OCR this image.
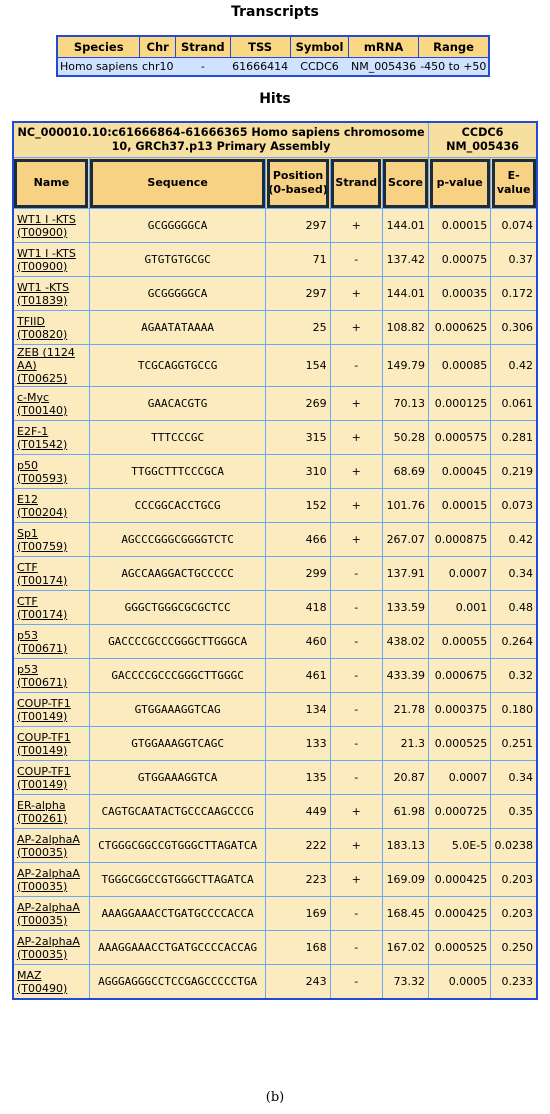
Transcripts
Species	Chr	Strand	TSS	Symbol	mRNA	Range
Homo sapiens	chr10	-	61666414	CCDC6	NM_005436	-450 to +50
Hits
NC_000010.10:c61666864-61666365 Homo sapiens chromosome 10, GRCh37.p13 Primary Assembly					CCDC6 NM_005436	
Name	Sequence	Position (0-based)	Strand	Score	p-value	E-value
WT1 I -KTS (T00900)	GCGGGGGCA	297	+	144.01	0.00015	0.074
WT1 I -KTS (T00900)	GTGTGTGCGC	71	-	137.42	0.00075	0.37
WT1 -KTS (T01839)	GCGGGGGCA	297	+	144.01	0.00035	0.172
TFIID (T00820)	AGAATATAAAA	25	+	108.82	0.000625	0.306
ZEB (1124 AA) (T00625)	TCGCAGGTGCCG	154	-	149.79	0.00085	0.42
c-Myc (T00140)	GAACACGTG	269	+	70.13	0.000125	0.061
E2F-1 (T01542)	TTTCCCGC	315	+	50.28	0.000575	0.281
p50 (T00593)	TTGGCTTTCCCGCA	310	+	68.69	0.00045	0.219
E12 (T00204)	CCCGGCACCTGCG	152	+	101.76	0.00015	0.073
Sp1 (T00759)	AGCCCGGGCGGGGTCTC	466	+	267.07	0.000875	0.42
CTF (T00174)	AGCCAAGGACTGCCCCC	299	-	137.91	0.0007	0.34
CTF (T00174)	GGGCTGGGCGCGCTCC	418	-	133.59	0.001	0.48
p53 (T00671)	GACCCCGCCCGGGCTTGGGCA	460	-	438.02	0.00055	0.264
p53 (T00671)	GACCCCGCCCGGGCTTGGGC	461	-	433.39	0.000675	0.32
COUP-TF1 (T00149)	GTGGAAAGGTCAG	134	-	21.78	0.000375	0.180
COUP-TF1 (T00149)	GTGGAAAGGTCAGC	133	-	21.3	0.000525	0.251
COUP-TF1 (T00149)	GTGGAAAGGTCA	135	-	20.87	0.0007	0.34
ER-alpha (T00261)	CAGTGCAATACTGCCCAAGCCCG	449	+	61.98	0.000725	0.35
AP-2alphaA (T00035)	CTGGGCGGCCGTGGGCTTAGATCA	222	+	183.13	5.0E-5	0.0238
AP-2alphaA (T00035)	TGGGCGGCCGTGGGCTTAGATCA	223	+	169.09	0.000425	0.203
AP-2alphaA (T00035)	AAAGGAAACCTGATGCCCCACCA	169	-	168.45	0.000425	0.203
AP-2alphaA (T00035)	AAAGGAAACCTGATGCCCCACCAG	168	-	167.02	0.000525	0.250
MAZ (T00490)	AGGGAGGGCCTCCGAGCCCCCTGA	243	-	73.32	0.0005	0.233
(b)
